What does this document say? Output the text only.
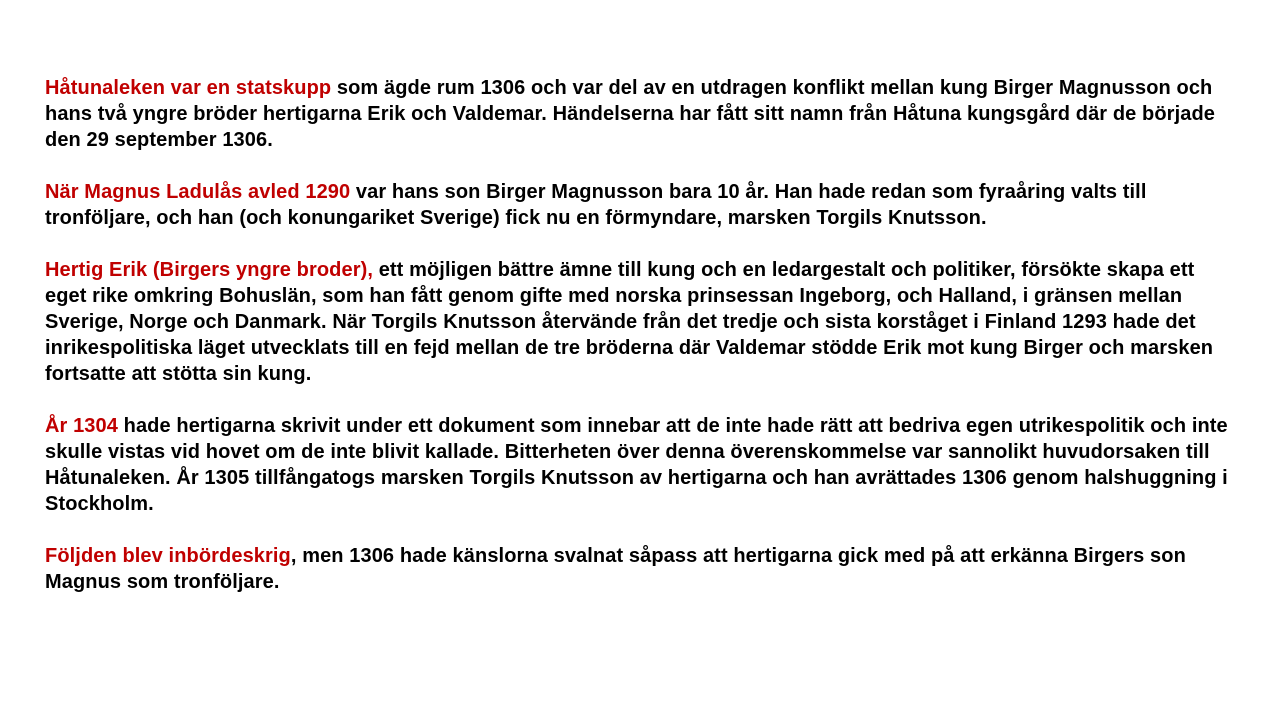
Håtunaleken var en statskupp som ägde rum 1306 och var del av en utdragen konflikt mellan kung Birger Magnusson och hans två yngre bröder hertigarna Erik och Valdemar. Händelserna har fått sitt namn från Håtuna kungsgård där de började den 29 september 1306.

När Magnus Ladulås avled 1290 var hans son Birger Magnusson bara 10 år. Han hade redan som fyraåring valts till tronföljare, och han (och konungariket Sverige) fick nu en förmyndare, marsken Torgils Knutsson.

Hertig Erik (Birgers yngre broder), ett möjligen bättre ämne till kung och en ledargestalt och politiker, försökte skapa ett eget rike omkring Bohuslän, som han fått genom gifte med norska prinsessan Ingeborg, och Halland, i gränsen mellan Sverige, Norge och Danmark. När Torgils Knutsson återvände från det tredje och sista korståget i Finland 1293 hade det inrikespolitiska läget utvecklats till en fejd mellan de tre bröderna där Valdemar stödde Erik mot kung Birger och marsken fortsatte att stötta sin kung.

År 1304 hade hertigarna skrivit under ett dokument som innebar att de inte hade rätt att bedriva egen utrikespolitik och inte skulle vistas vid hovet om de inte blivit kallade. Bitterheten över denna överenskommelse var sannolikt huvudorsaken till Håtunaleken. År 1305 tillfångatogs marsken Torgils Knutsson av hertigarna och han avrättades 1306 genom halshuggning i Stockholm.

Följden blev inbördeskrig, men 1306 hade känslorna svalnat såpass att hertigarna gick med på att erkänna Birgers son Magnus som tronföljare.
